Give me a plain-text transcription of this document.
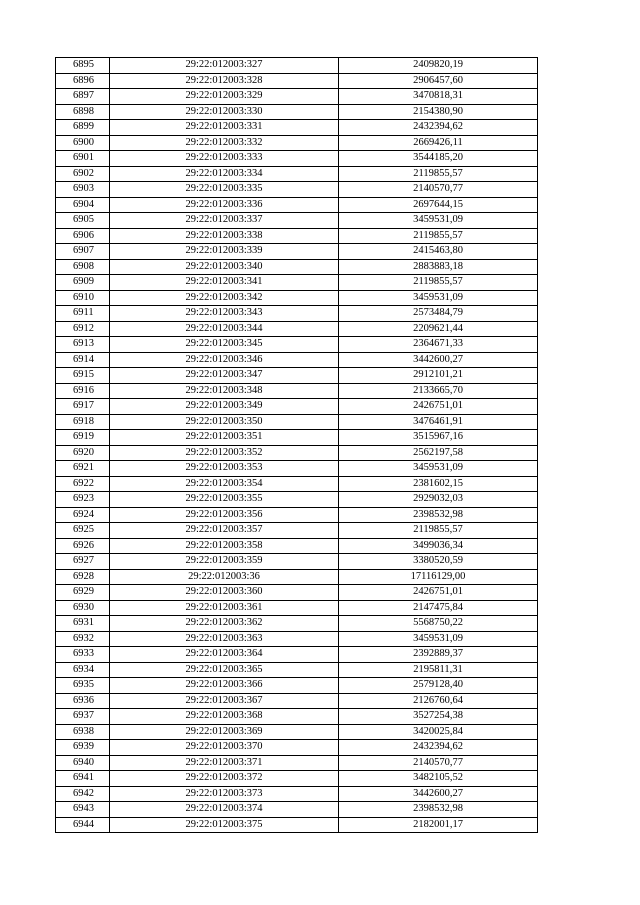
6895	29:22:012003:327	2409820,19
6896	29:22:012003:328	2906457,60
6897	29:22:012003:329	3470818,31
6898	29:22:012003:330	2154380,90
6899	29:22:012003:331	2432394,62
6900	29:22:012003:332	2669426,11
6901	29:22:012003:333	3544185,20
6902	29:22:012003:334	2119855,57
6903	29:22:012003:335	2140570,77
6904	29:22:012003:336	2697644,15
6905	29:22:012003:337	3459531,09
6906	29:22:012003:338	2119855,57
6907	29:22:012003:339	2415463,80
6908	29:22:012003:340	2883883,18
6909	29:22:012003:341	2119855,57
6910	29:22:012003:342	3459531,09
6911	29:22:012003:343	2573484,79
6912	29:22:012003:344	2209621,44
6913	29:22:012003:345	2364671,33
6914	29:22:012003:346	3442600,27
6915	29:22:012003:347	2912101,21
6916	29:22:012003:348	2133665,70
6917	29:22:012003:349	2426751,01
6918	29:22:012003:350	3476461,91
6919	29:22:012003:351	3515967,16
6920	29:22:012003:352	2562197,58
6921	29:22:012003:353	3459531,09
6922	29:22:012003:354	2381602,15
6923	29:22:012003:355	2929032,03
6924	29:22:012003:356	2398532,98
6925	29:22:012003:357	2119855,57
6926	29:22:012003:358	3499036,34
6927	29:22:012003:359	3380520,59
6928	29:22:012003:36	17116129,00
6929	29:22:012003:360	2426751,01
6930	29:22:012003:361	2147475,84
6931	29:22:012003:362	5568750,22
6932	29:22:012003:363	3459531,09
6933	29:22:012003:364	2392889,37
6934	29:22:012003:365	2195811,31
6935	29:22:012003:366	2579128,40
6936	29:22:012003:367	2126760,64
6937	29:22:012003:368	3527254,38
6938	29:22:012003:369	3420025,84
6939	29:22:012003:370	2432394,62
6940	29:22:012003:371	2140570,77
6941	29:22:012003:372	3482105,52
6942	29:22:012003:373	3442600,27
6943	29:22:012003:374	2398532,98
6944	29:22:012003:375	2182001,17
